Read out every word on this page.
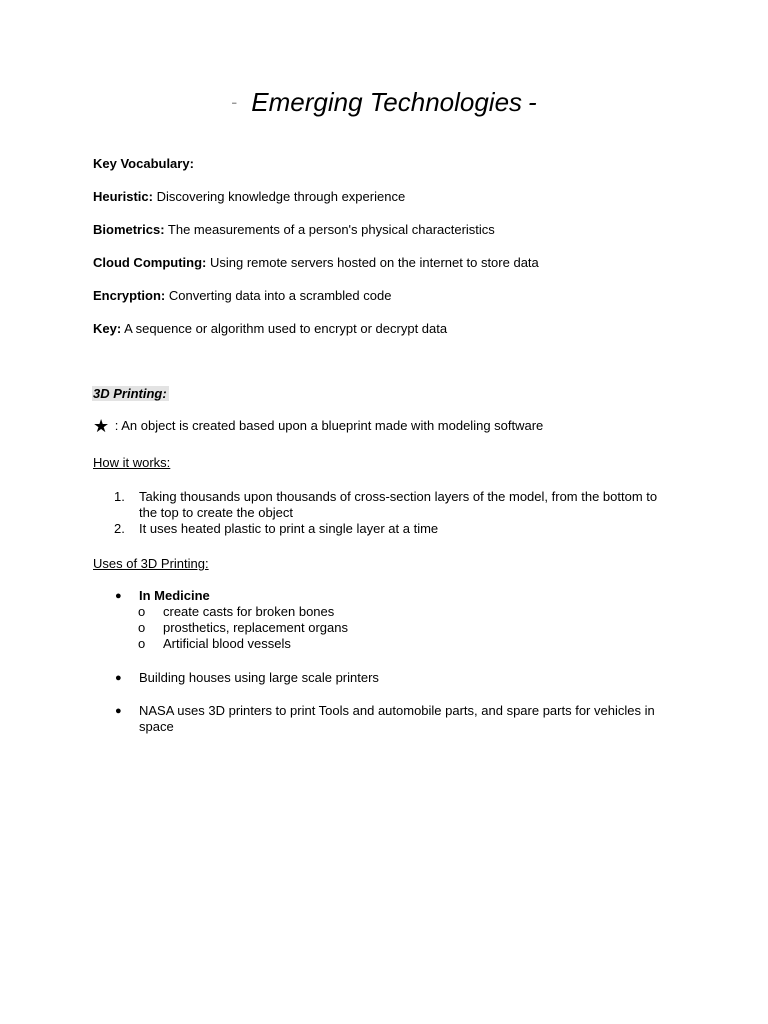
- Emerging Technologies -
Key Vocabulary:
Heuristic: Discovering knowledge through experience
Biometrics: The measurements of a person's physical characteristics
Cloud Computing: Using remote servers hosted on the internet to store data
Encryption: Converting data into a scrambled code
Key: A sequence or algorithm used to encrypt or decrypt data
3D Printing:
★ : An object is created based upon a blueprint made with modeling software
How it works:
1. Taking thousands upon thousands of cross-section layers of the model, from the bottom to the top to create the object
2. It uses heated plastic to print a single layer at a time
Uses of 3D Printing:
● In Medicine
o create casts for broken bones
o prosthetics, replacement organs
o Artificial blood vessels
● Building houses using large scale printers
● NASA uses 3D printers to print Tools and automobile parts, and spare parts for vehicles in space
